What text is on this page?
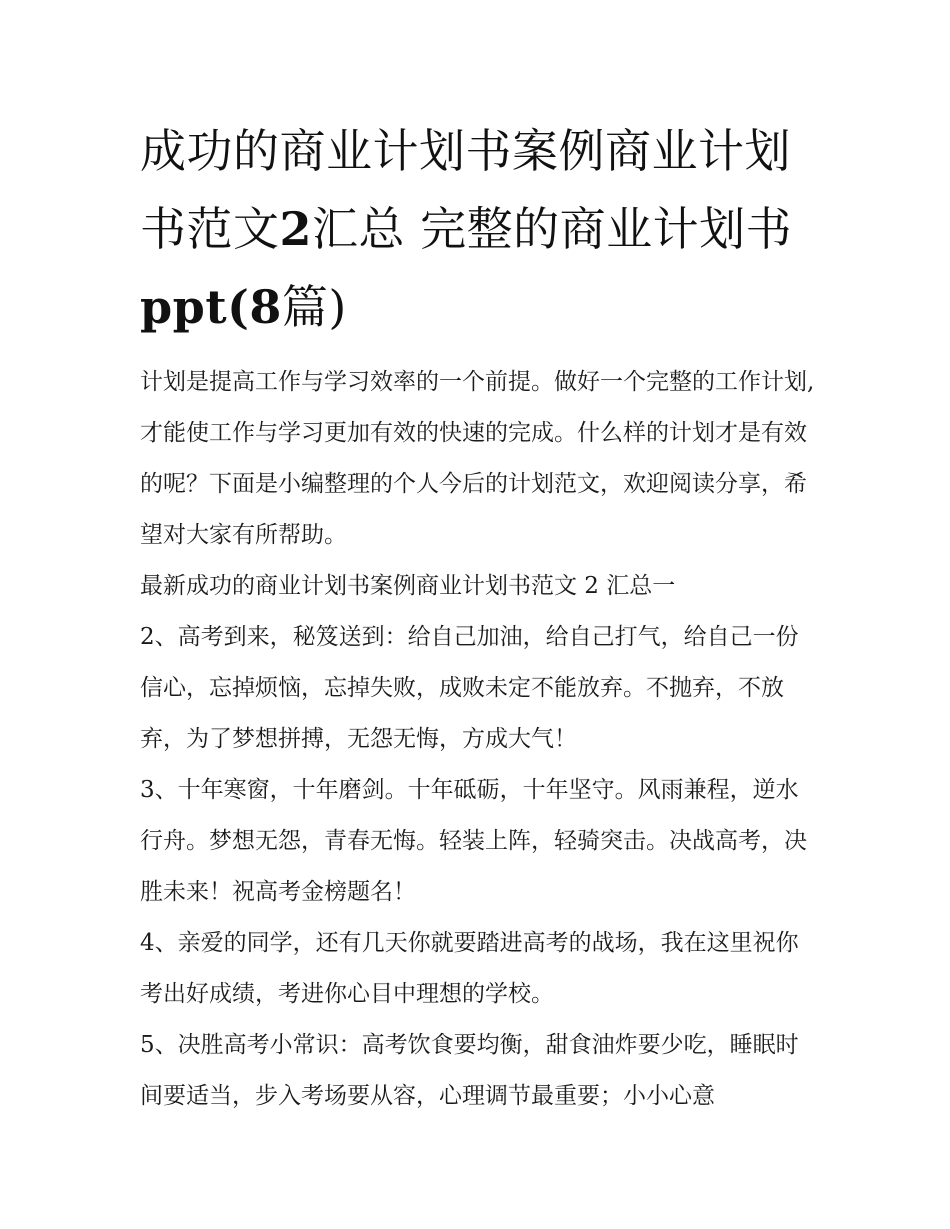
成功的商业计划书案例商业计划书范文2汇总 完整的商业计划书ppt(8篇)

计划是提高工作与学习效率的一个前提。做好一个完整的工作计划,才能使工作与学习更加有效的快速的完成。什么样的计划才是有效的呢？下面是小编整理的个人今后的计划范文，欢迎阅读分享，希望对大家有所帮助。

最新成功的商业计划书案例商业计划书范文 2 汇总一

2、高考到来，秘笈送到：给自己加油，给自己打气，给自己一份信心，忘掉烦恼，忘掉失败，成败未定不能放弃。不抛弃，不放弃，为了梦想拼搏，无怨无悔，方成大气！

3、十年寒窗，十年磨剑。十年砥砺，十年坚守。风雨兼程，逆水行舟。梦想无怨，青春无悔。轻装上阵，轻骑突击。决战高考，决胜未来！祝高考金榜题名！

4、亲爱的同学，还有几天你就要踏进高考的战场，我在这里祝你考出好成绩，考进你心目中理想的学校。

5、决胜高考小常识：高考饮食要均衡，甜食油炸要少吃，睡眠时间要适当，步入考场要从容，心理调节最重要；小小心意
